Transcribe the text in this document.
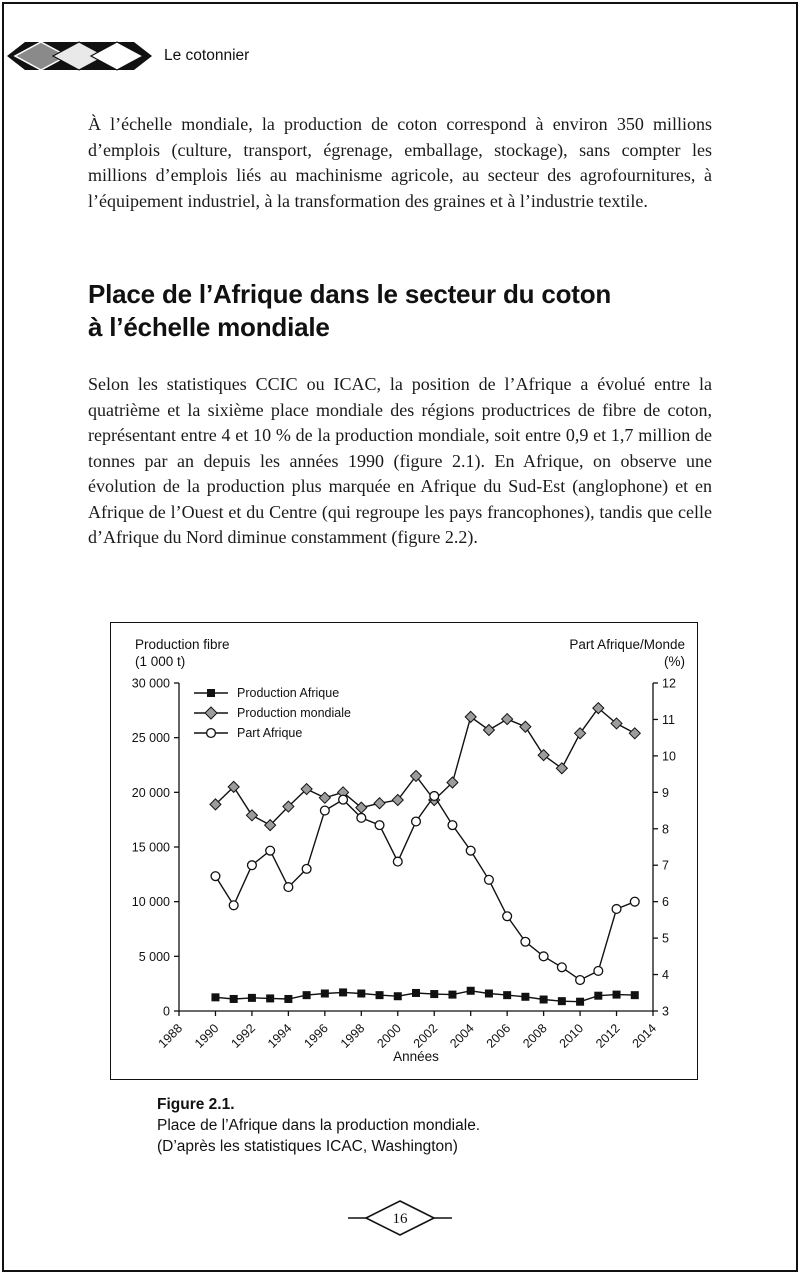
Le cotonnier

À l’échelle mondiale, la production de coton correspond à environ 350 millions d’emplois (culture, transport, égrenage, emballage, stockage), sans compter les millions d’emplois liés au machinisme agricole, au secteur des agrofournitures, à l’équipement industriel, à la transformation des graines et à l’industrie textile.

Place de l’Afrique dans le secteur du coton
à l’échelle mondiale

Selon les statistiques CCIC ou ICAC, la position de l’Afrique a évolué entre la quatrième et la sixième place mondiale des régions productrices de fibre de coton, représentant entre 4 et 10 % de la production mondiale, soit entre 0,9 et 1,7 million de tonnes par an depuis les années 1990 (figure 2.1). En Afrique, on observe une évolution de la production plus marquée en Afrique du Sud-Est (anglophone) et en Afrique de l’Ouest et du Centre (qui regroupe les pays francophones), tandis que celle d’Afrique du Nord diminue constamment (figure 2.2).

0
5 000
10 000
15 000
20 000
25 000
30 000
3
4
5
6
7
8
9
10
11
12
1988 1990 1992 1994 1996 1998 2000 2002 2004 2006 2008 2010 2012 2014
Production fibre
(1 000 t)
Part Afrique/Monde
(%)
Production Afrique
Production mondiale
Part Afrique
Années
Figure 2.1.
Place de l’Afrique dans la production mondiale.
(D’après les statistiques ICAC, Washington)
16
